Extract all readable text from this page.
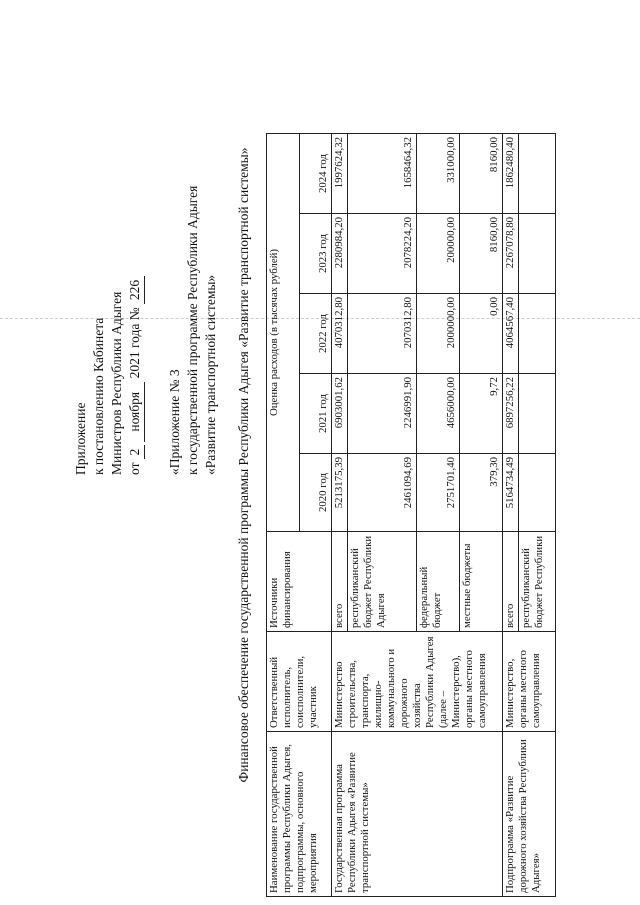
Приложение к постановлению Кабинета Министров Республики Адыгея от 2 ноября 2021 года № 226
«Приложение № 3 к государственной программе Республики Адыгея «Развитие транспортной системы» Финансовое обеспечение государственной программы Республики Адыгея «Развитие транспортной системы»
Наименование государственной программы Республики Адыгея, подпрограммы, основного мероприятия	Ответственный исполнитель, соисполнители, участник	Источники финансирования	Оценка расходов (в тысячах рублей)				
			2020 год	2021 год	2022 год	2023 год	2024 год
Государственная программа Республики Адыгея «Развитие транспортной системы»	Министерство строительства, транспорта, жилищно-коммунального и дорожного хозяйства Республики Адыгея (далее – Министерство), органы местного самоуправления	всего	5213175,39	6903001,62	4070312,80	2280984,20	1997624,32
		республиканский бюджет Республики Адыгея	2461094,69	2246991,90	2070312,80	2078224,20	1658464,32
		федеральный бюджет	2751701,40	4656000,00	2000000,00	200000,00	331000,00
		местные бюджеты	379,30	9,72	0,00	8160,00	8160,00
Подпрограмма «Развитие дорожного хозяйства Республики Адыгея»	Министерство, органы местного самоуправления	всего	5164734,49	6897256,22	4064567,40	2267078,80	1862480,40
		республиканский бюджет Республики					
